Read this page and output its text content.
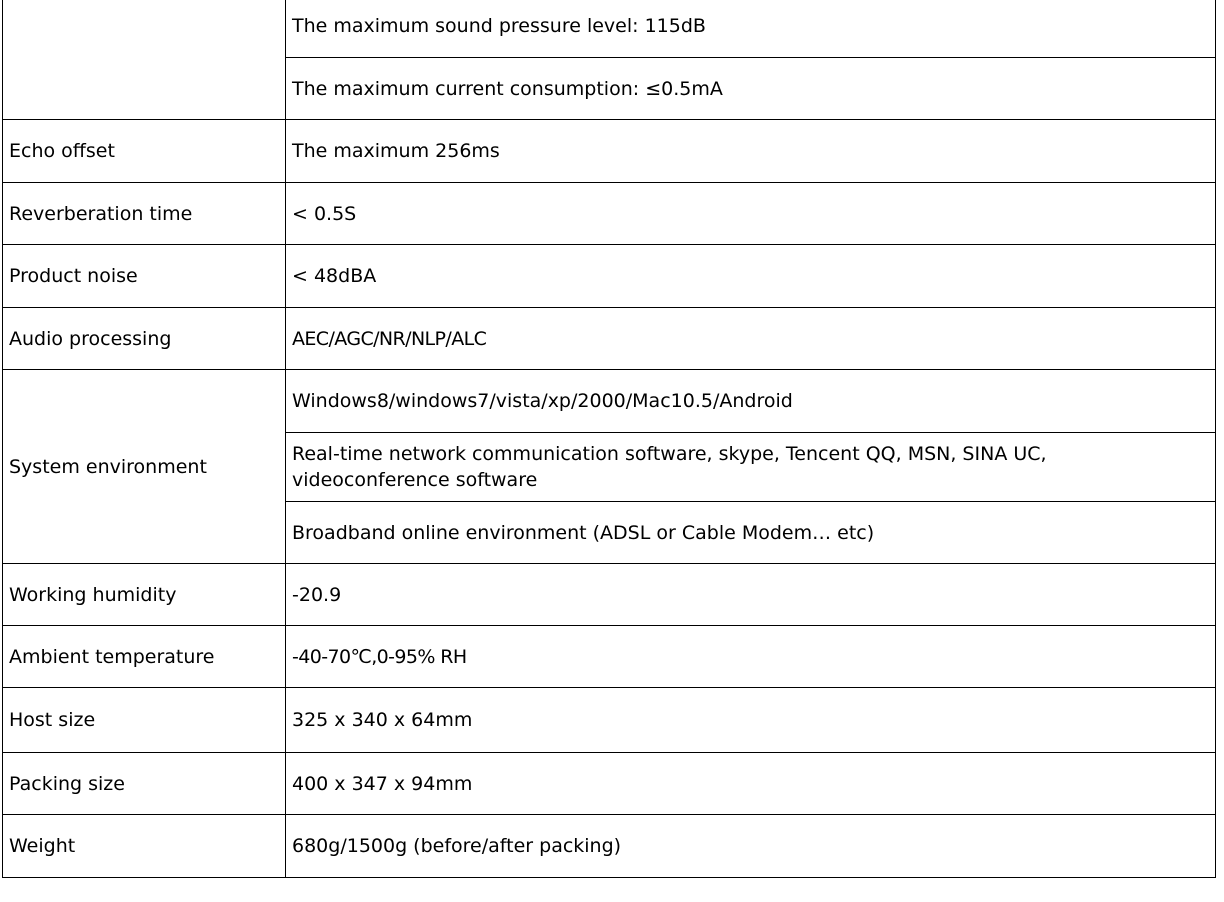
	The maximum sound pressure level: 115dB
	The maximum current consumption: ≤0.5mA
Echo offset	The maximum 256ms
Reverberation time	< 0.5S
Product noise	< 48dBA
Audio processing	AEC/AGC/NR/NLP/ALC
System environment	Windows8/windows7/vista/xp/2000/Mac10.5/Android
	Real-time network communication software, skype, Tencent QQ, MSN, SINA UC, videoconference software
	Broadband online environment (ADSL or Cable Modem… etc)
Working humidity	-20.9
Ambient temperature	-40-70℃,0-95% RH
Host size	325 x 340 x 64mm
Packing size	400 x 347 x 94mm
Weight	680g/1500g (before/after packing)
